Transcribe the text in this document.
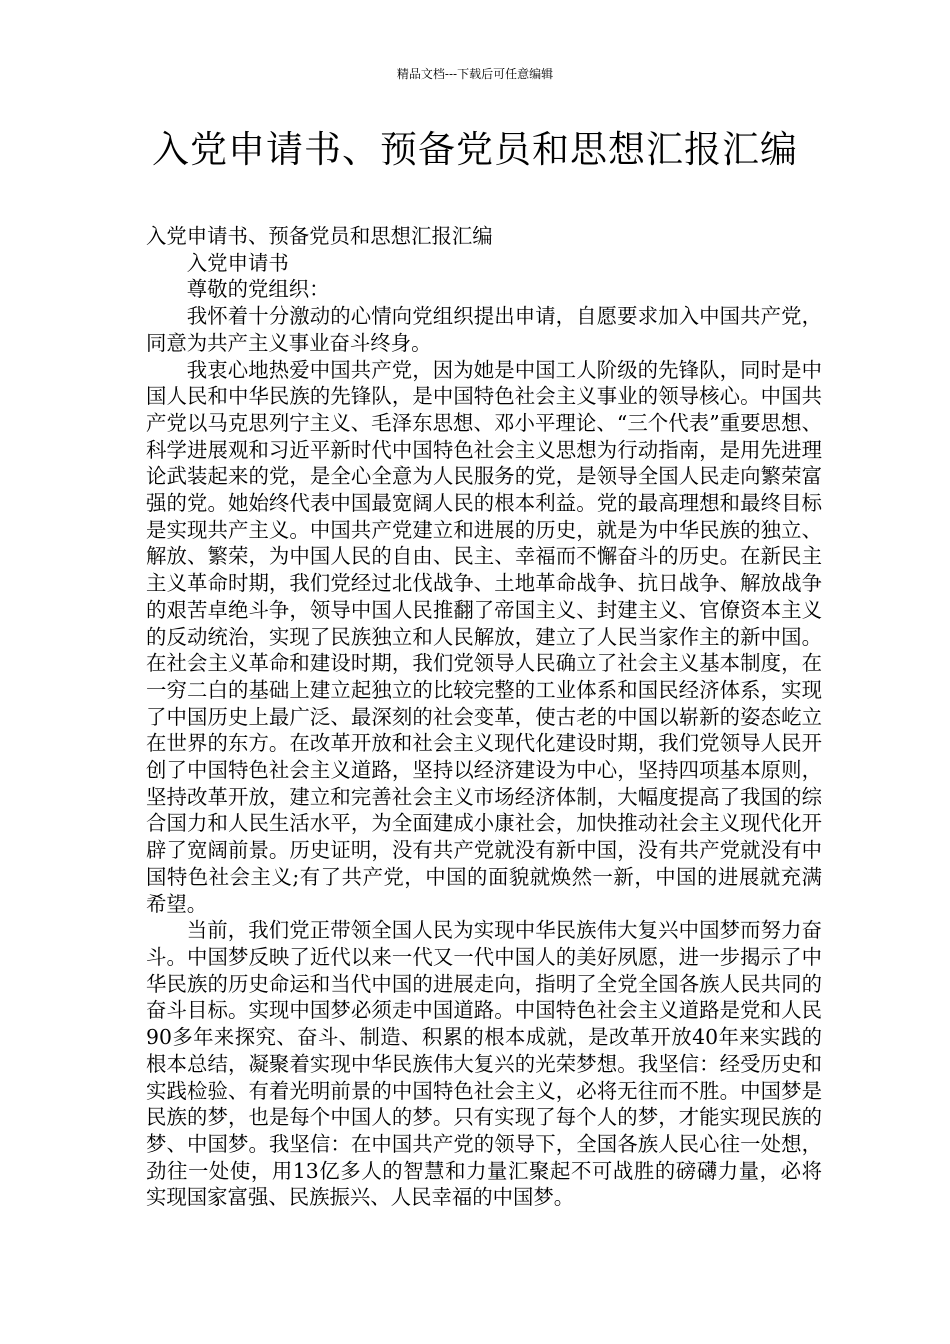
精品文档---下载后可任意编辑
入党申请书、预备党员和思想汇报汇编

入党申请书、预备党员和思想汇报汇编

入党申请书

尊敬的党组织：

我怀着十分激动的心情向党组织提出申请，自愿要求加入中国共产党，同意为共产主义事业奋斗终身。

我衷心地热爱中国共产党，因为她是中国工人阶级的先锋队，同时是中国人民和中华民族的先锋队，是中国特色社会主义事业的领导核心。中国共产党以马克思列宁主义、毛泽东思想、邓小平理论、“三个代表”重要思想、科学进展观和习近平新时代中国特色社会主义思想为行动指南，是用先进理论武装起来的党，是全心全意为人民服务的党，是领导全国人民走向繁荣富强的党。她始终代表中国最宽阔人民的根本利益。党的最高理想和最终目标是实现共产主义。中国共产党建立和进展的历史，就是为中华民族的独立、解放、繁荣，为中国人民的自由、民主、幸福而不懈奋斗的历史。在新民主主义革命时期，我们党经过北伐战争、土地革命战争、抗日战争、解放战争的艰苦卓绝斗争，领导中国人民推翻了帝国主义、封建主义、官僚资本主义的反动统治，实现了民族独立和人民解放，建立了人民当家作主的新中国。在社会主义革命和建设时期，我们党领导人民确立了社会主义基本制度，在一穷二白的基础上建立起独立的比较完整的工业体系和国民经济体系，实现了中国历史上最广泛、最深刻的社会变革，使古老的中国以崭新的姿态屹立在世界的东方。在改革开放和社会主义现代化建设时期，我们党领导人民开创了中国特色社会主义道路，坚持以经济建设为中心，坚持四项基本原则，坚持改革开放，建立和完善社会主义市场经济体制，大幅度提高了我国的综合国力和人民生活水平，为全面建成小康社会，加快推动社会主义现代化开辟了宽阔前景。历史证明，没有共产党就没有新中国，没有共产党就没有中国特色社会主义;有了共产党，中国的面貌就焕然一新，中国的进展就充满希望。

当前，我们党正带领全国人民为实现中华民族伟大复兴中国梦而努力奋斗。中国梦反映了近代以来一代又一代中国人的美好夙愿，进一步揭示了中华民族的历史命运和当代中国的进展走向，指明了全党全国各族人民共同的奋斗目标。实现中国梦必须走中国道路。中国特色社会主义道路是党和人民90多年来探究、奋斗、制造、积累的根本成就，是改革开放40年来实践的根本总结，凝聚着实现中华民族伟大复兴的光荣梦想。我坚信：经受历史和实践检验、有着光明前景的中国特色社会主义，必将无往而不胜。中国梦是民族的梦，也是每个中国人的梦。只有实现了每个人的梦，才能实现民族的梦、中国梦。我坚信：在中国共产党的领导下，全国各族人民心往一处想，劲往一处使，用13亿多人的智慧和力量汇聚起不可战胜的磅礴力量，必将实现国家富强、民族振兴、人民幸福的中国梦。
